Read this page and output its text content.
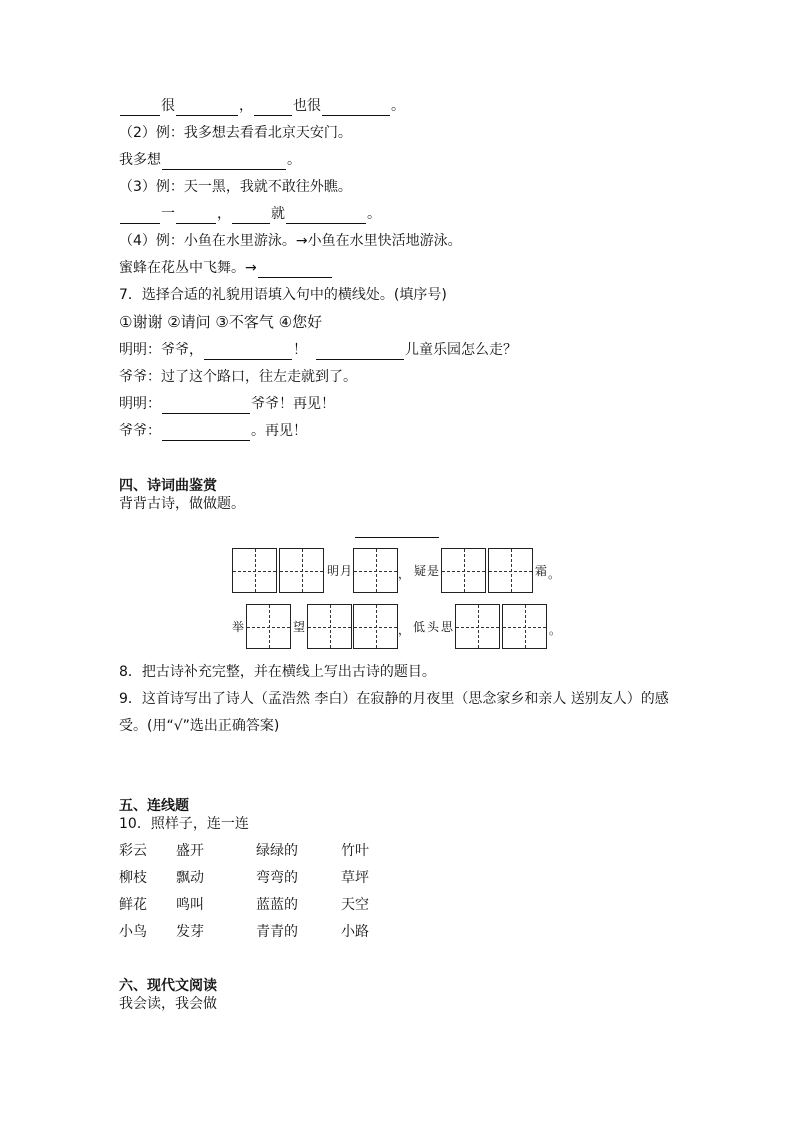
很	，	也很	。
（2）例：我多想去看看北京天安门。
我多想	。
（3）例：天一黑，我就不敢往外瞧。
一	，	就	。
（4）例：小鱼在水里游泳。→小鱼在水里快活地游泳。
蜜蜂在花丛中飞舞。→
7．选择合适的礼貌用语填入句中的横线处。(填序号)
①谢谢 ②请问 ③不客气 ④您好
明明：爷爷，	！	儿童乐园怎么走？
爷爷：过了这个路口，往左走就到了。
明明：	爷爷！再见！
爷爷：	。再见！
四、诗词曲鉴赏
背背古诗，做做题。
明 月	， 疑 是	霜 。
举	望	， 低 头 思	。
8．把古诗补充完整，并在横线上写出古诗的题目。
9．这首诗写出了诗人（孟浩然 李白）在寂静的月夜里（思念家乡和亲人 送别友人）的感
受。(用“√”选出正确答案)
五、连线题
10．照样子，连一连
彩云 盛开	绿绿的	竹叶
柳枝 飘动	弯弯的	草坪
鲜花 鸣叫	蓝蓝的	天空
小鸟 发芽	青青的	小路
六、现代文阅读
我会读，我会做
